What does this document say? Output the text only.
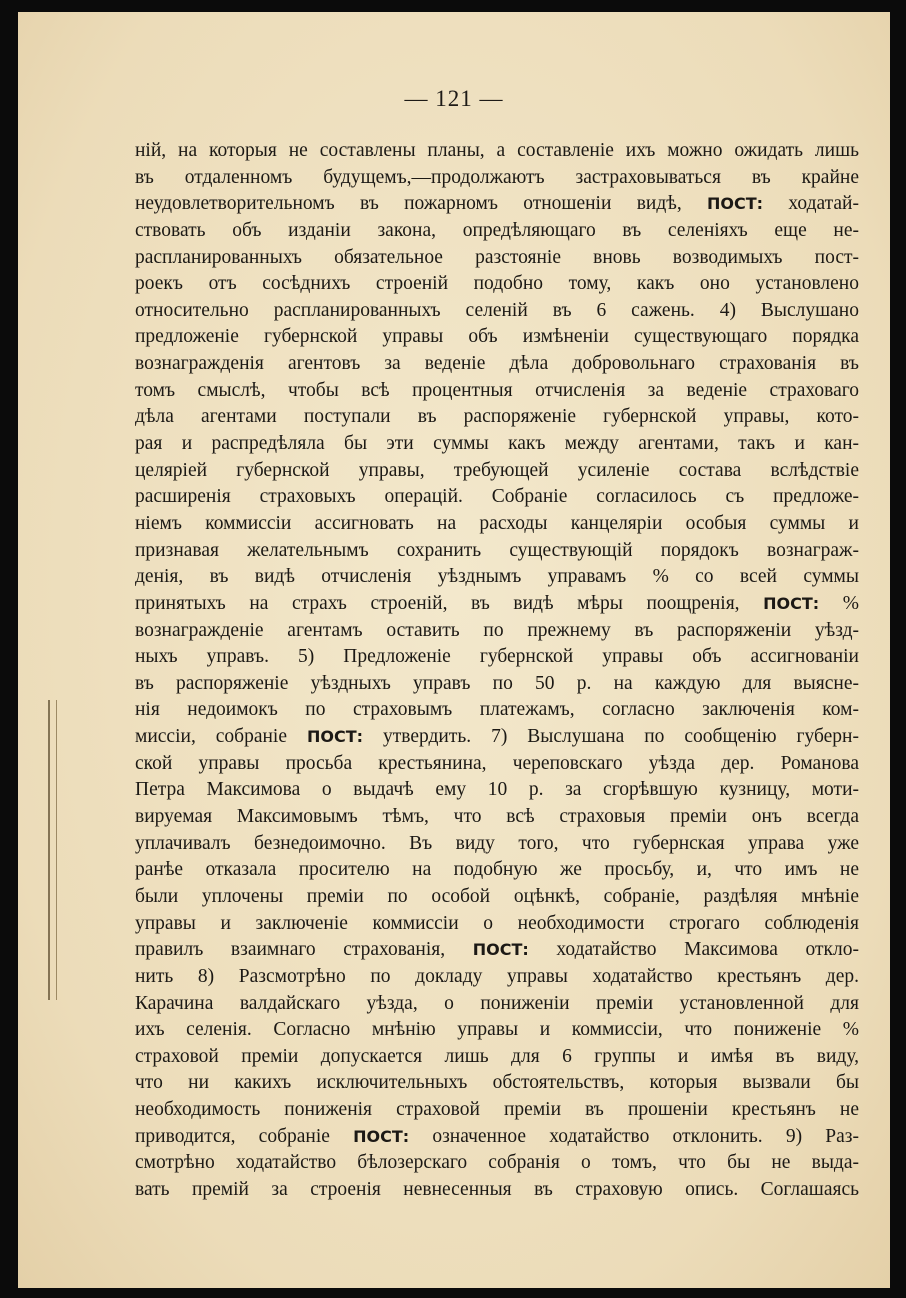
— 121 —
ній, на которыя не составлены планы, а составленіе ихъ можно ожидать лишь
въ отдаленномъ будущемъ,—продолжаютъ застраховываться въ крайне
неудовлетворительномъ въ пожарномъ отношеніи видѣ, ПОСТ: ходатай-
ствовать объ изданіи закона, опредѣляющаго въ селеніяхъ еще не-
распланированныхъ обязательное разстояніе вновь возводимыхъ пост-
роекъ отъ сосѣднихъ строеній подобно тому, какъ оно установлено
относительно распланированныхъ селеній въ 6 сажень. 4) Выслушано
предложеніе губернской управы объ измѣненіи существующаго порядка
вознагражденія агентовъ за веденіе дѣла добровольнаго страхованія въ
томъ смыслѣ, чтобы всѣ процентныя отчисленія за веденіе страховаго
дѣла агентами поступали въ распоряженіе губернской управы, кото-
рая и распредѣляла бы эти суммы какъ между агентами, такъ и кан-
целяріей губернской управы, требующей усиленіе состава вслѣдствіе
расширенія страховыхъ операцій. Собраніе согласилось съ предложе-
ніемъ коммиссіи ассигновать на расходы канцеляріи особыя суммы и
признавая желательнымъ сохранить существующій порядокъ вознаграж-
денія, въ видѣ отчисленія уѣзднымъ управамъ % со всей суммы
принятыхъ на страхъ строеній, въ видѣ мѣры поощренія, ПОСТ: %
вознагражденіе агентамъ оставить по прежнему въ распоряженіи уѣзд-
ныхъ управъ. 5) Предложеніе губернской управы объ ассигнованіи
въ распоряженіе уѣздныхъ управъ по 50 р. на каждую для выясне-
нія недоимокъ по страховымъ платежамъ, согласно заключенія ком-
миссіи, собраніе ПОСТ: утвердить. 7) Выслушана по сообщенію губерн-
ской управы просьба крестьянина, череповскаго уѣзда дер. Романова
Петра Максимова о выдачѣ ему 10 р. за сгорѣвшую кузницу, моти-
вируемая Максимовымъ тѣмъ, что всѣ страховыя преміи онъ всегда
уплачивалъ безнедоимочно. Въ виду того, что губернская управа уже
ранѣе отказала просителю на подобную же просьбу, и, что имъ не
были уплочены преміи по особой оцѣнкѣ, собраніе, раздѣляя мнѣніе
управы и заключеніе коммиссіи о необходимости строгаго соблюденія
правилъ взаимнаго страхованія, ПОСТ: ходатайство Максимова откло-
нить 8) Разсмотрѣно по докладу управы ходатайство крестьянъ дер.
Карачина валдайскаго уѣзда, о пониженіи преміи установленной для
ихъ селенія. Согласно мнѣнію управы и коммиссіи, что пониженіе %
страховой преміи допускается лишь для 6 группы и имѣя въ виду,
что ни какихъ исключительныхъ обстоятельствъ, которыя вызвали бы
необходимость пониженія страховой преміи въ прошеніи крестьянъ не
приводится, собраніе ПОСТ: означенное ходатайство отклонить. 9) Раз-
смотрѣно ходатайство бѣлозерскаго собранія о томъ, что бы не выда-
вать премій за строенія невнесенныя въ страховую опись. Соглашаясь
